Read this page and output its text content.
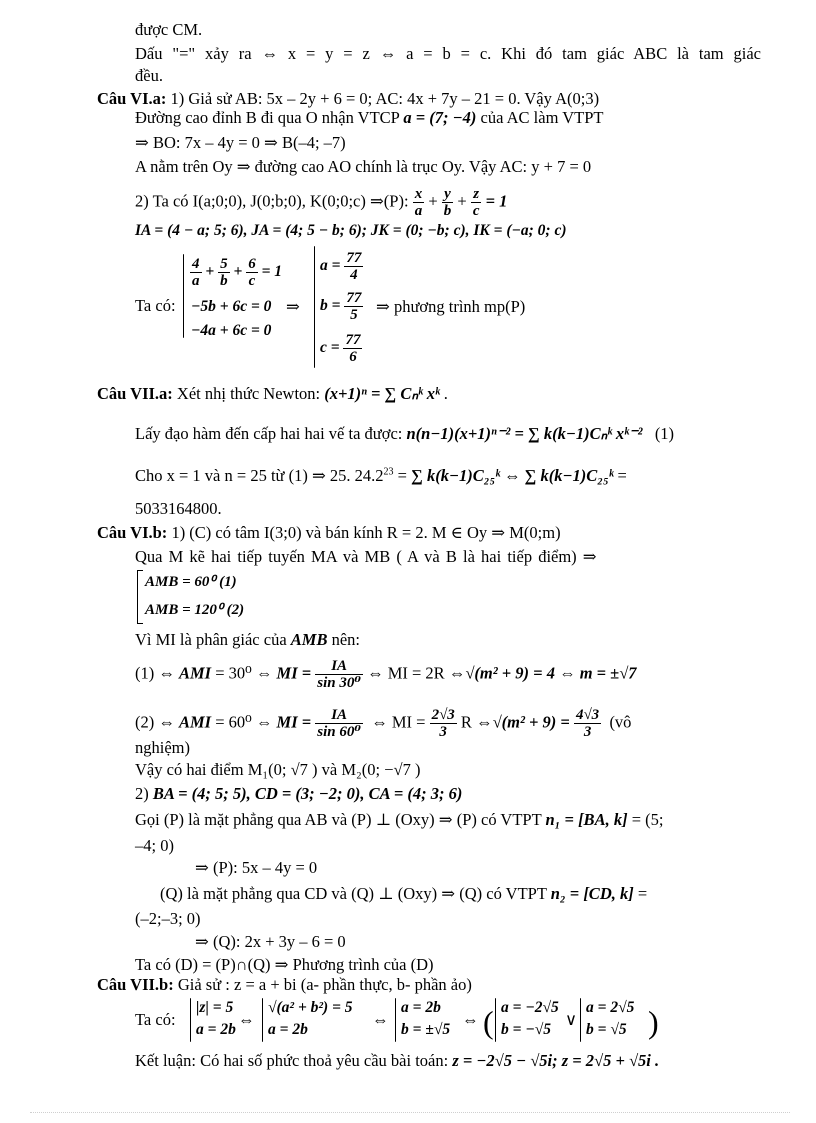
được CM.
Dấu "=" xảy ra ⇔ x = y = z ⇔ a = b = c. Khi đó tam giác ABC là tam giác
đều.
Câu VI.a: 1) Giả sử AB: 5x – 2y + 6 = 0; AC: 4x + 7y – 21 = 0. Vậy A(0;3)
Đường cao đỉnh B đi qua O nhận VTCP a = (7; −4) của AC làm VTPT
⇒ BO: 7x – 4y = 0 ⇒ B(–4; –7)
A nằm trên Oy ⇒ đường cao AO chính là trục Oy. Vậy AC: y + 7 = 0
2) Ta có I(a;0;0), J(0;b;0), K(0;0;c) ⇒(P): $\frac{x}{a} + \frac{y}{b} + \frac{z}{c} = 1$
IA = (4 − a; 5; 6), JA = (4; 5 − b; 6); JK = (0; −b; c), IK = (−a; 0; c)
Ta có:
$\frac{4}{a} + \frac{5}{b} + \frac{6}{c} = 1$
−5b + 6c = 0
−4a + 6c = 0
⇒
$a = \frac{77}{4}$
$b = \frac{77}{5}$
$c = \frac{77}{6}$
⇒ phương trình mp(P)
Câu VII.a: Xét nhị thức Newton: (x+1)ⁿ = ∑ Cₙᵏ xᵏ .
Lấy đạo hàm đến cấp hai hai vế ta được: n(n−1)(x+1)ⁿ⁻² = ∑ k(k−1)Cₙᵏ xᵏ⁻² (1)
Cho x = 1 và n = 25 từ (1) ⇒ 25. $24.2^{23}$ = ∑ k(k−1)C₂₅ᵏ ⇔ ∑ k(k−1)C₂₅ᵏ =
5033164800.
Câu VI.b: 1) (C) có tâm I(3;0) và bán kính R = 2. M ∈ Oy ⇒ M(0;m)
Qua M kẽ hai tiếp tuyến MA và MB ( A và B là hai tiếp điểm) ⇒
AMB = 60⁰ (1)
AMB = 120⁰ (2)
Vì MI là phân giác của AMB nên:
(1) ⇔ AMI = 30⁰ ⇔ MI = $\frac{IA}{\text{sin 30⁰}}$ ⇔ MI = 2R ⇔√(m² + 9) = 4 ⇔ m = ±√7
(2) ⇔ AMI = 60⁰ ⇔ MI = $\frac{IA}{\text{sin 60⁰}}$ ⇔ MI = $\frac{2√3}{3}$ R ⇔√(m² + $9) = \frac{4√3}{3}$ (vô
nghiệm)
Vậy có hai điểm M₁(0; √7 ) và M₂(0; −√7 )
2) BA = (4; 5; 5), CD = (3; −2; 0), CA = (4; 3; 6)
Gọi (P) là mặt phẳng qua AB và (P) ⊥ (Oxy) ⇒ (P) có VTPT n₁ = [BA, k] = (5;
–4; 0)
⇒ (P): 5x – 4y = 0
(Q) là mặt phẳng qua CD và (Q) ⊥ (Oxy) ⇒ (Q) có VTPT n₂ = [CD, k] =
(–2;–3; 0)
⇒ (Q): 2x + 3y – 6 = 0
Ta có (D) = (P)∩(Q) ⇒ Phương trình của (D)
Câu VII.b: Giả sử : z = a + bi (a- phần thực, b- phần ảo)
Ta có:
|z| = 5
a = 2b
⇔
√(a² + b²) = 5
a = 2b
⇔
a = 2b
b = ±√5
⇔ ( a = −2√5
b = −√5
∨
a = 2√5
b = √5 )
Kết luận: Có hai số phức thoả yêu cầu bài toán: z = −2√5 − √5i; z = 2√5 + √5i .
